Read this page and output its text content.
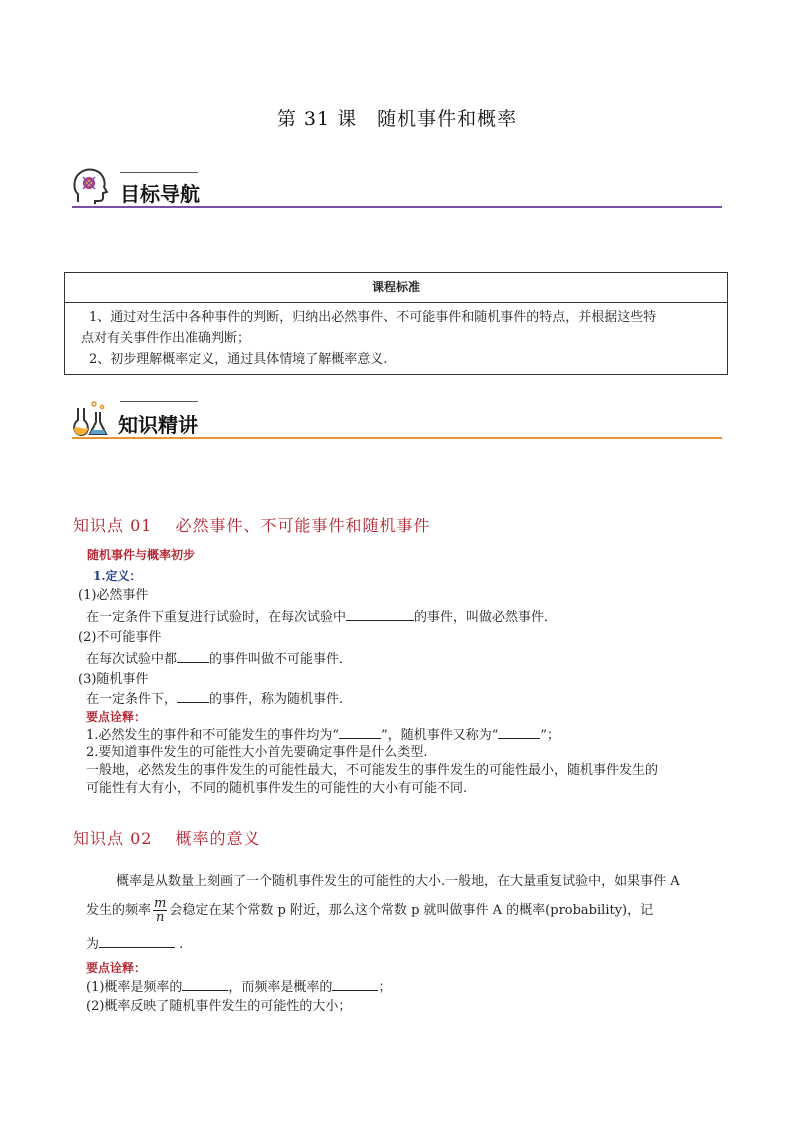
第 31 课　随机事件和概率
目标导航
课程标准

1、通过对生活中各种事件的判断，归纳出必然事件、不可能事件和随机事件的特点，并根据这些特
点对有关事件作出准确判断；
2、初步理解概率定义，通过具体情境了解概率意义.
知识精讲
知识点 01　 必然事件、不可能事件和随机事件
随机事件与概率初步
1.定义：
(1)必然事件
在一定条件下重复进行试验时，在每次试验中	的事件，叫做必然事件．
(2)不可能事件
在每次试验中都 的事件叫做不可能事件．
(3)随机事件
在一定条件下， 的事件，称为随机事件.
要点诠释：
1.必然发生的事件和不可能发生的事件均为“	”，随机事件又称为“	”；
2.要知道事件发生的可能性大小首先要确定事件是什么类型.
一般地，必然发生的事件发生的可能性最大，不可能发生的事件发生的可能性最小，随机事件发生的
可能性有大有小，不同的随机事件发生的可能性的大小有可能不同.
知识点 02　 概率的意义
概率是从数量上刻画了一个随机事件发生的可能性的大小.一般地，在大量重复试验中，如果事件 A
发生的频率 $\frac{m}{n}$ 会稳定在某个常数 p 附近，那么这个常数 p 就叫做事件 A 的概率(probability)，记
为	.
要点诠释：
(1)概率是频率的	，而频率是概率的	；
(2)概率反映了随机事件发生的可能性的大小；
